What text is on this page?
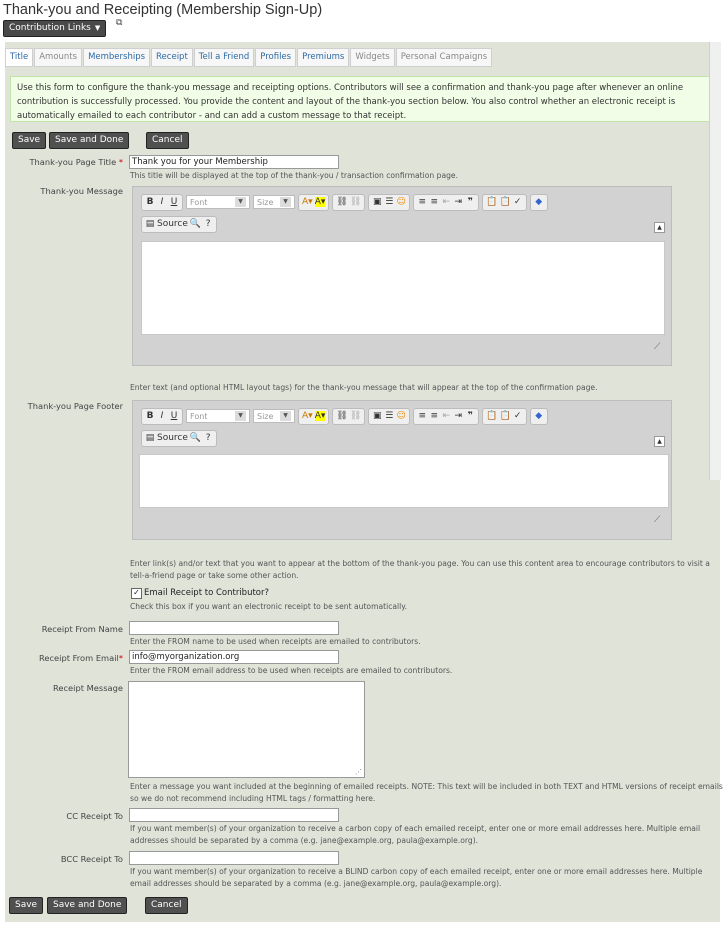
Thank-you and Receipting (Membership Sign-Up)
Contribution Links ▼	⧉
Title	Amounts	Memberships	Receipt	Tell a Friend	Profiles	Premiums	Widgets	Personal Campaigns
Use this form to configure the thank-you message and receipting options. Contributors will see a confirmation and thank-you page after whenever an online contribution is successfully processed. You provide the content and layout of the thank-you section below. You also control whether an electronic receipt is automatically emailed to each contributor - and can add a custom message to that receipt.
Save	Save and Done	Cancel
Thank-you Page Title *	Thank you for your Membership
This title will be displayed at the top of the thank-you / transaction confirmation page.
Thank-you Message
B I U Font	▼	Size	▼	A▾ A▾ ⛓ ⛓ ▣ ☰ ☺ ≡ ≡ ⇤ ⇥ ❞ 📋 📋 ✓ ◆
▤ Source 🔍 ?	▲
⟋
Enter text (and optional HTML layout tags) for the thank-you message that will appear at the top of the confirmation page.
Thank-you Page Footer
B I U Font	▼	Size	▼	A▾ A▾ ⛓ ⛓ ▣ ☰ ☺ ≡ ≡ ⇤ ⇥ ❞ 📋 📋 ✓ ◆
▤ Source 🔍 ?	▲
⟋
Enter link(s) and/or text that you want to appear at the bottom of the thank-you page. You can use this content area to encourage contributors to visit a tell-a-friend page or take some other action.
✓ Email Receipt to Contributor?
Check this box if you want an electronic receipt to be sent automatically.
Receipt From Name
Enter the FROM name to be used when receipts are emailed to contributors.
Receipt From Email*	info@myorganization.org
Enter the FROM email address to be used when receipts are emailed to contributors.
Receipt Message
⋰
Enter a message you want included at the beginning of emailed receipts. NOTE: This text will be included in both TEXT and HTML versions of receipt emails so we do not recommend including HTML tags / formatting here.
CC Receipt To
If you want member(s) of your organization to receive a carbon copy of each emailed receipt, enter one or more email addresses here. Multiple email addresses should be separated by a comma (e.g. jane@example.org, paula@example.org).
BCC Receipt To
If you want member(s) of your organization to receive a BLIND carbon copy of each emailed receipt, enter one or more email addresses here. Multiple email addresses should be separated by a comma (e.g. jane@example.org, paula@example.org).
Save	Save and Done	Cancel
